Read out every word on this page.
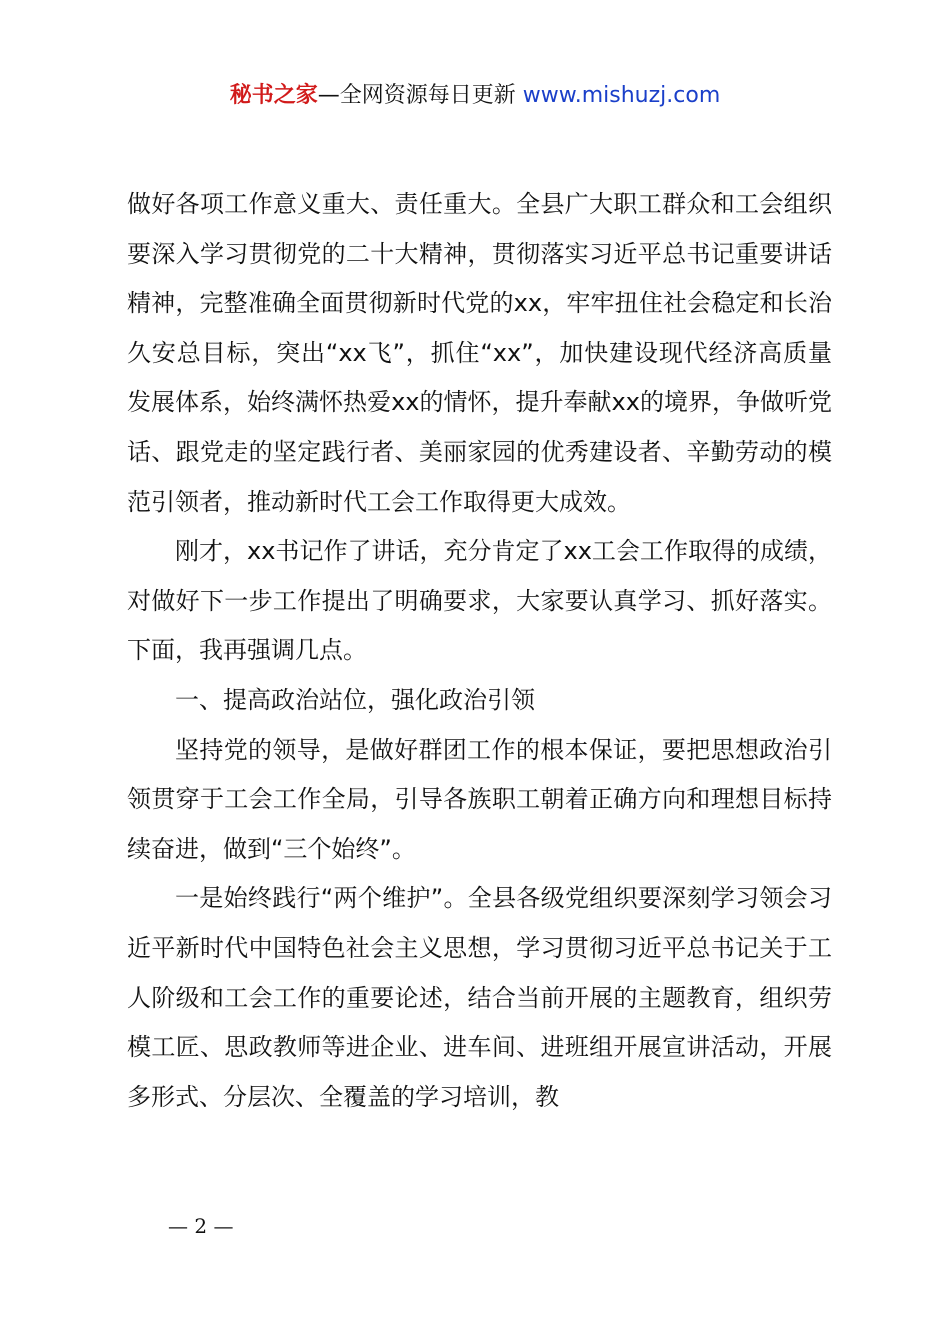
秘书之家—全网资源每日更新 www.mishuzj.com

做好各项工作意义重大、责任重大。全县广大职工群众和工会组织要深入学习贯彻党的二十大精神，贯彻落实习近平总书记重要讲话精神，完整准确全面贯彻新时代党的xx，牢牢扭住社会稳定和长治久安总目标，突出“xx飞”，抓住“xx”，加快建设现代经济高质量发展体系，始终满怀热爱xx的情怀，提升奉献xx的境界，争做听党话、跟党走的坚定践行者、美丽家园的优秀建设者、辛勤劳动的模范引领者，推动新时代工会工作取得更大成效。

刚才，xx书记作了讲话，充分肯定了xx工会工作取得的成绩，对做好下一步工作提出了明确要求，大家要认真学习、抓好落实。下面，我再强调几点。

一、提高政治站位，强化政治引领

坚持党的领导，是做好群团工作的根本保证，要把思想政治引领贯穿于工会工作全局，引导各族职工朝着正确方向和理想目标持续奋进，做到“三个始终”。

一是始终践行“两个维护”。全县各级党组织要深刻学习领会习近平新时代中国特色社会主义思想，学习贯彻习近平总书记关于工人阶级和工会工作的重要论述，结合当前开展的主题教育，组织劳模工匠、思政教师等进企业、进车间、进班组开展宣讲活动，开展多形式、分层次、全覆盖的学习培训，教

— 2 —
